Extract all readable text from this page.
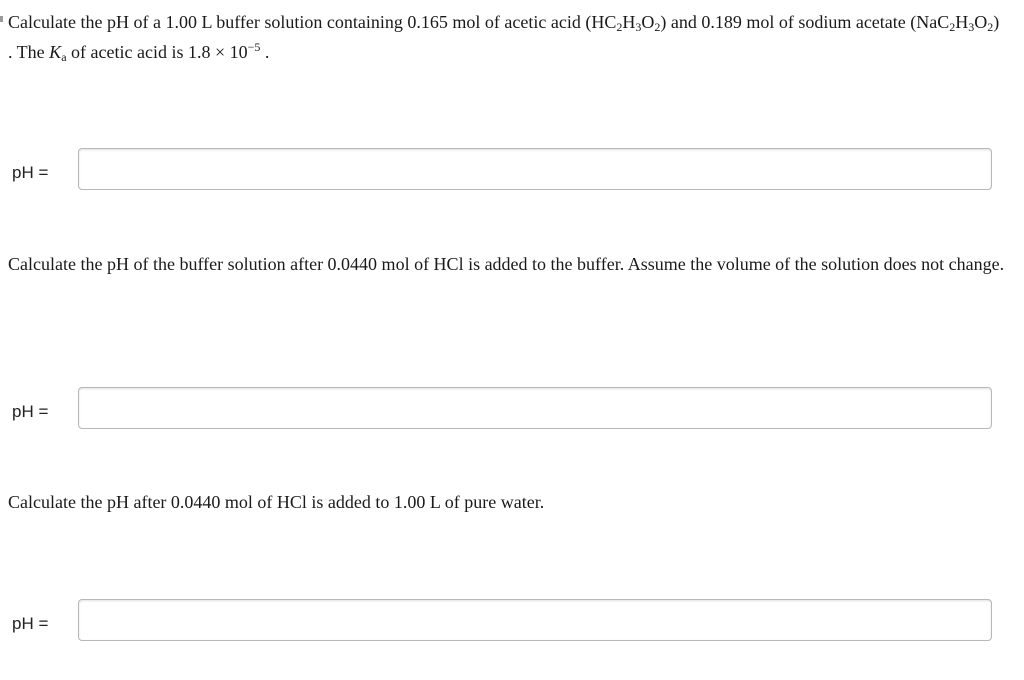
Calculate the pH of a 1.00 L buffer solution containing 0.165 mol of acetic acid $(HC_2H_3O_2)$ and 0.189 mol of sodium acetate $(NaC_2H_3O_2)$ . The $K_a$ of acetic acid is $1.8 \times 10^{-5}$ .

pH =

Calculate the pH of the buffer solution after 0.0440 mol of HCl is added to the buffer. Assume the volume of the solution does not change.

pH =

Calculate the pH after 0.0440 mol of HCl is added to 1.00 L of pure water.

pH =
